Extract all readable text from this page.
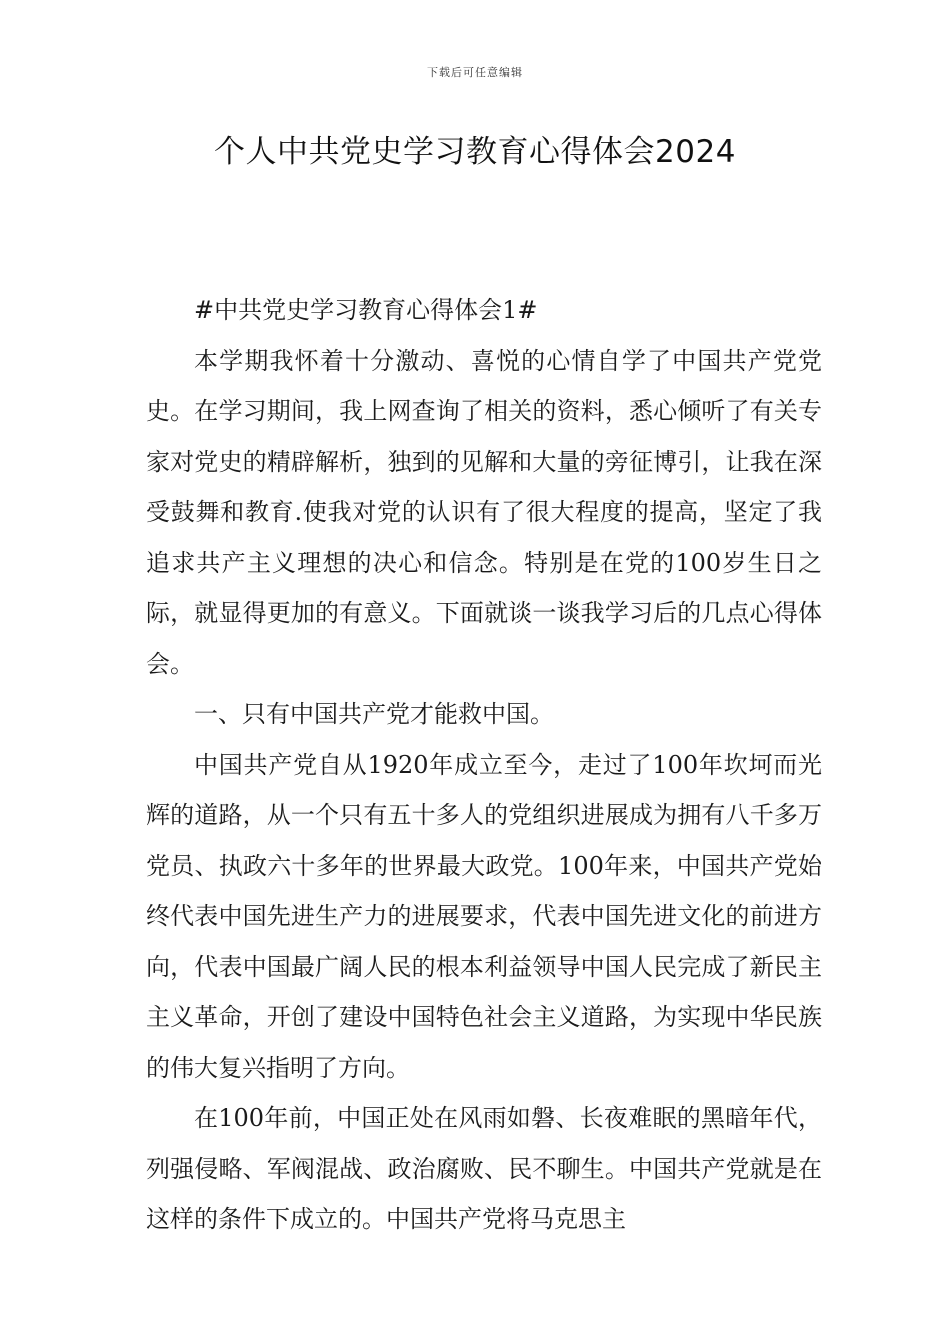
下载后可任意编辑
个人中共党史学习教育心得体会2024

#中共党史学习教育心得体会1#

本学期我怀着十分激动、喜悦的心情自学了中国共产党党史。在学习期间，我上网查询了相关的资料，悉心倾听了有关专家对党史的精辟解析，独到的见解和大量的旁征博引，让我在深受鼓舞和教育.使我对党的认识有了很大程度的提高，坚定了我追求共产主义理想的决心和信念。特别是在党的100岁生日之际，就显得更加的有意义。下面就谈一谈我学习后的几点心得体会。

一、只有中国共产党才能救中国。

中国共产党自从1920年成立至今，走过了100年坎坷而光辉的道路，从一个只有五十多人的党组织进展成为拥有八千多万党员、执政六十多年的世界最大政党。100年来，中国共产党始终代表中国先进生产力的进展要求，代表中国先进文化的前进方向，代表中国最广阔人民的根本利益领导中国人民完成了新民主主义革命，开创了建设中国特色社会主义道路，为实现中华民族的伟大复兴指明了方向。

在100年前，中国正处在风雨如磐、长夜难眠的黑暗年代，列强侵略、军阀混战、政治腐败、民不聊生。中国共产党就是在这样的条件下成立的。中国共产党将马克思主
